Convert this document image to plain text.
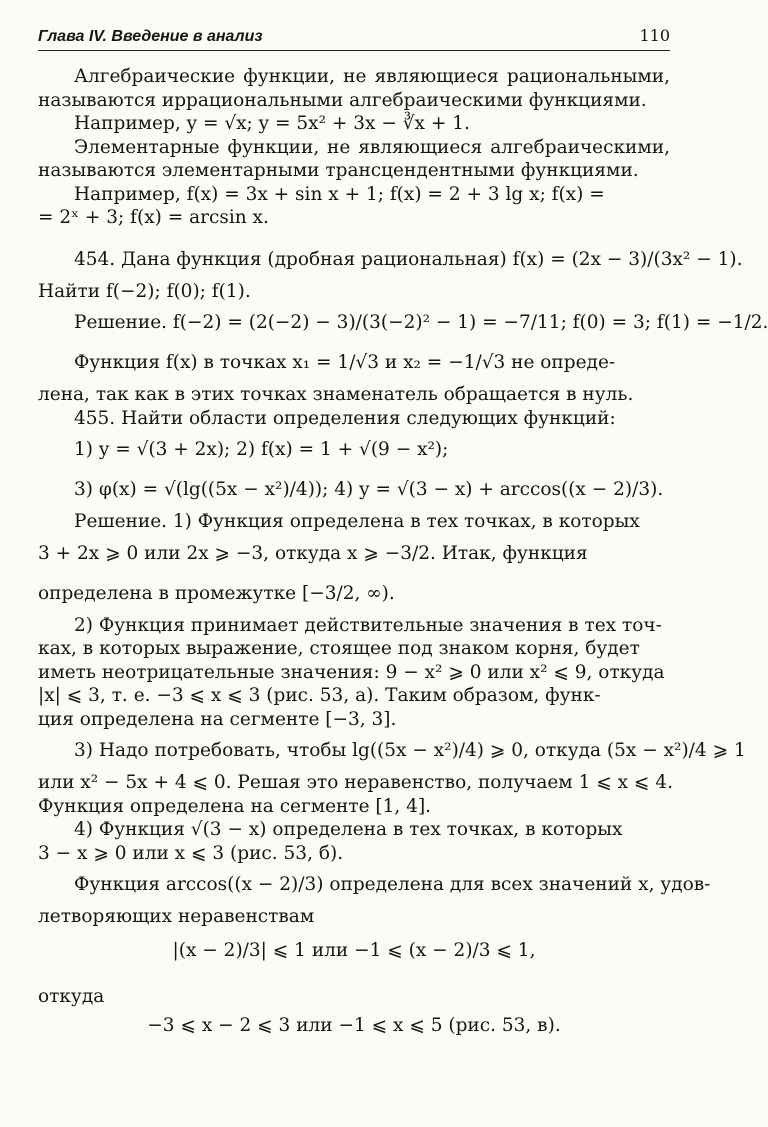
Глава IV. Введение в анализ	110
Алгебраические функции, не являющиеся рациональными,
называются иррациональными алгебраическими функциями.
Например, y = √x; y = 5x² + 3x − ∛x + 1.
Элементарные функции, не являющиеся алгебраическими,
называются элементарными трансцендентными функциями.
Например, f(x) = 3x + sin x + 1; f(x) = 2 + 3 lg x; f(x) =
= 2ˣ + 3; f(x) = arcsin x.
454. Дана функция (дробная рациональная) f(x) = (2x − 3)/(3x² − 1).
Найти f(−2); f(0); f(1).
Решение. f(−2) = (2(−2) − 3)/(3(−2)² − 1) = −7/11; f(0) = 3; f(1) = −1/2.
Функция f(x) в точках x₁ = 1/√3 и x₂ = −1/√3 не опреде-
лена, так как в этих точках знаменатель обращается в нуль.
455. Найти области определения следующих функций:
1) y = √(3 + 2x); 2) f(x) = 1 + √(9 − x²);
3) φ(x) = √(lg((5x − x²)/4)); 4) y = √(3 − x) + arccos((x − 2)/3).
Решение. 1) Функция определена в тех точках, в которых
3 + 2x ⩾ 0 или 2x ⩾ −3, откуда x ⩾ −3/2. Итак, функция
определена в промежутке [−3/2, ∞).
2) Функция принимает действительные значения в тех точ-
ках, в которых выражение, стоящее под знаком корня, будет
иметь неотрицательные значения: 9 − x² ⩾ 0 или x² ⩽ 9, откуда
|x| ⩽ 3, т. е. −3 ⩽ x ⩽ 3 (рис. 53, а). Таким образом, функ-
ция определена на сегменте [−3, 3].
3) Надо потребовать, чтобы lg((5x − x²)/4) ⩾ 0, откуда (5x − x²)/4 ⩾ 1
или x² − 5x + 4 ⩽ 0. Решая это неравенство, получаем 1 ⩽ x ⩽ 4.
Функция определена на сегменте [1, 4].
4) Функция √(3 − x) определена в тех точках, в которых
3 − x ⩾ 0 или x ⩽ 3 (рис. 53, б).
Функция arccos((x − 2)/3) определена для всех значений x, удов-
летворяющих неравенствам
|(x − 2)/3| ⩽ 1 или −1 ⩽ (x − 2)/3 ⩽ 1,
откуда
−3 ⩽ x − 2 ⩽ 3 или −1 ⩽ x ⩽ 5 (рис. 53, в).
